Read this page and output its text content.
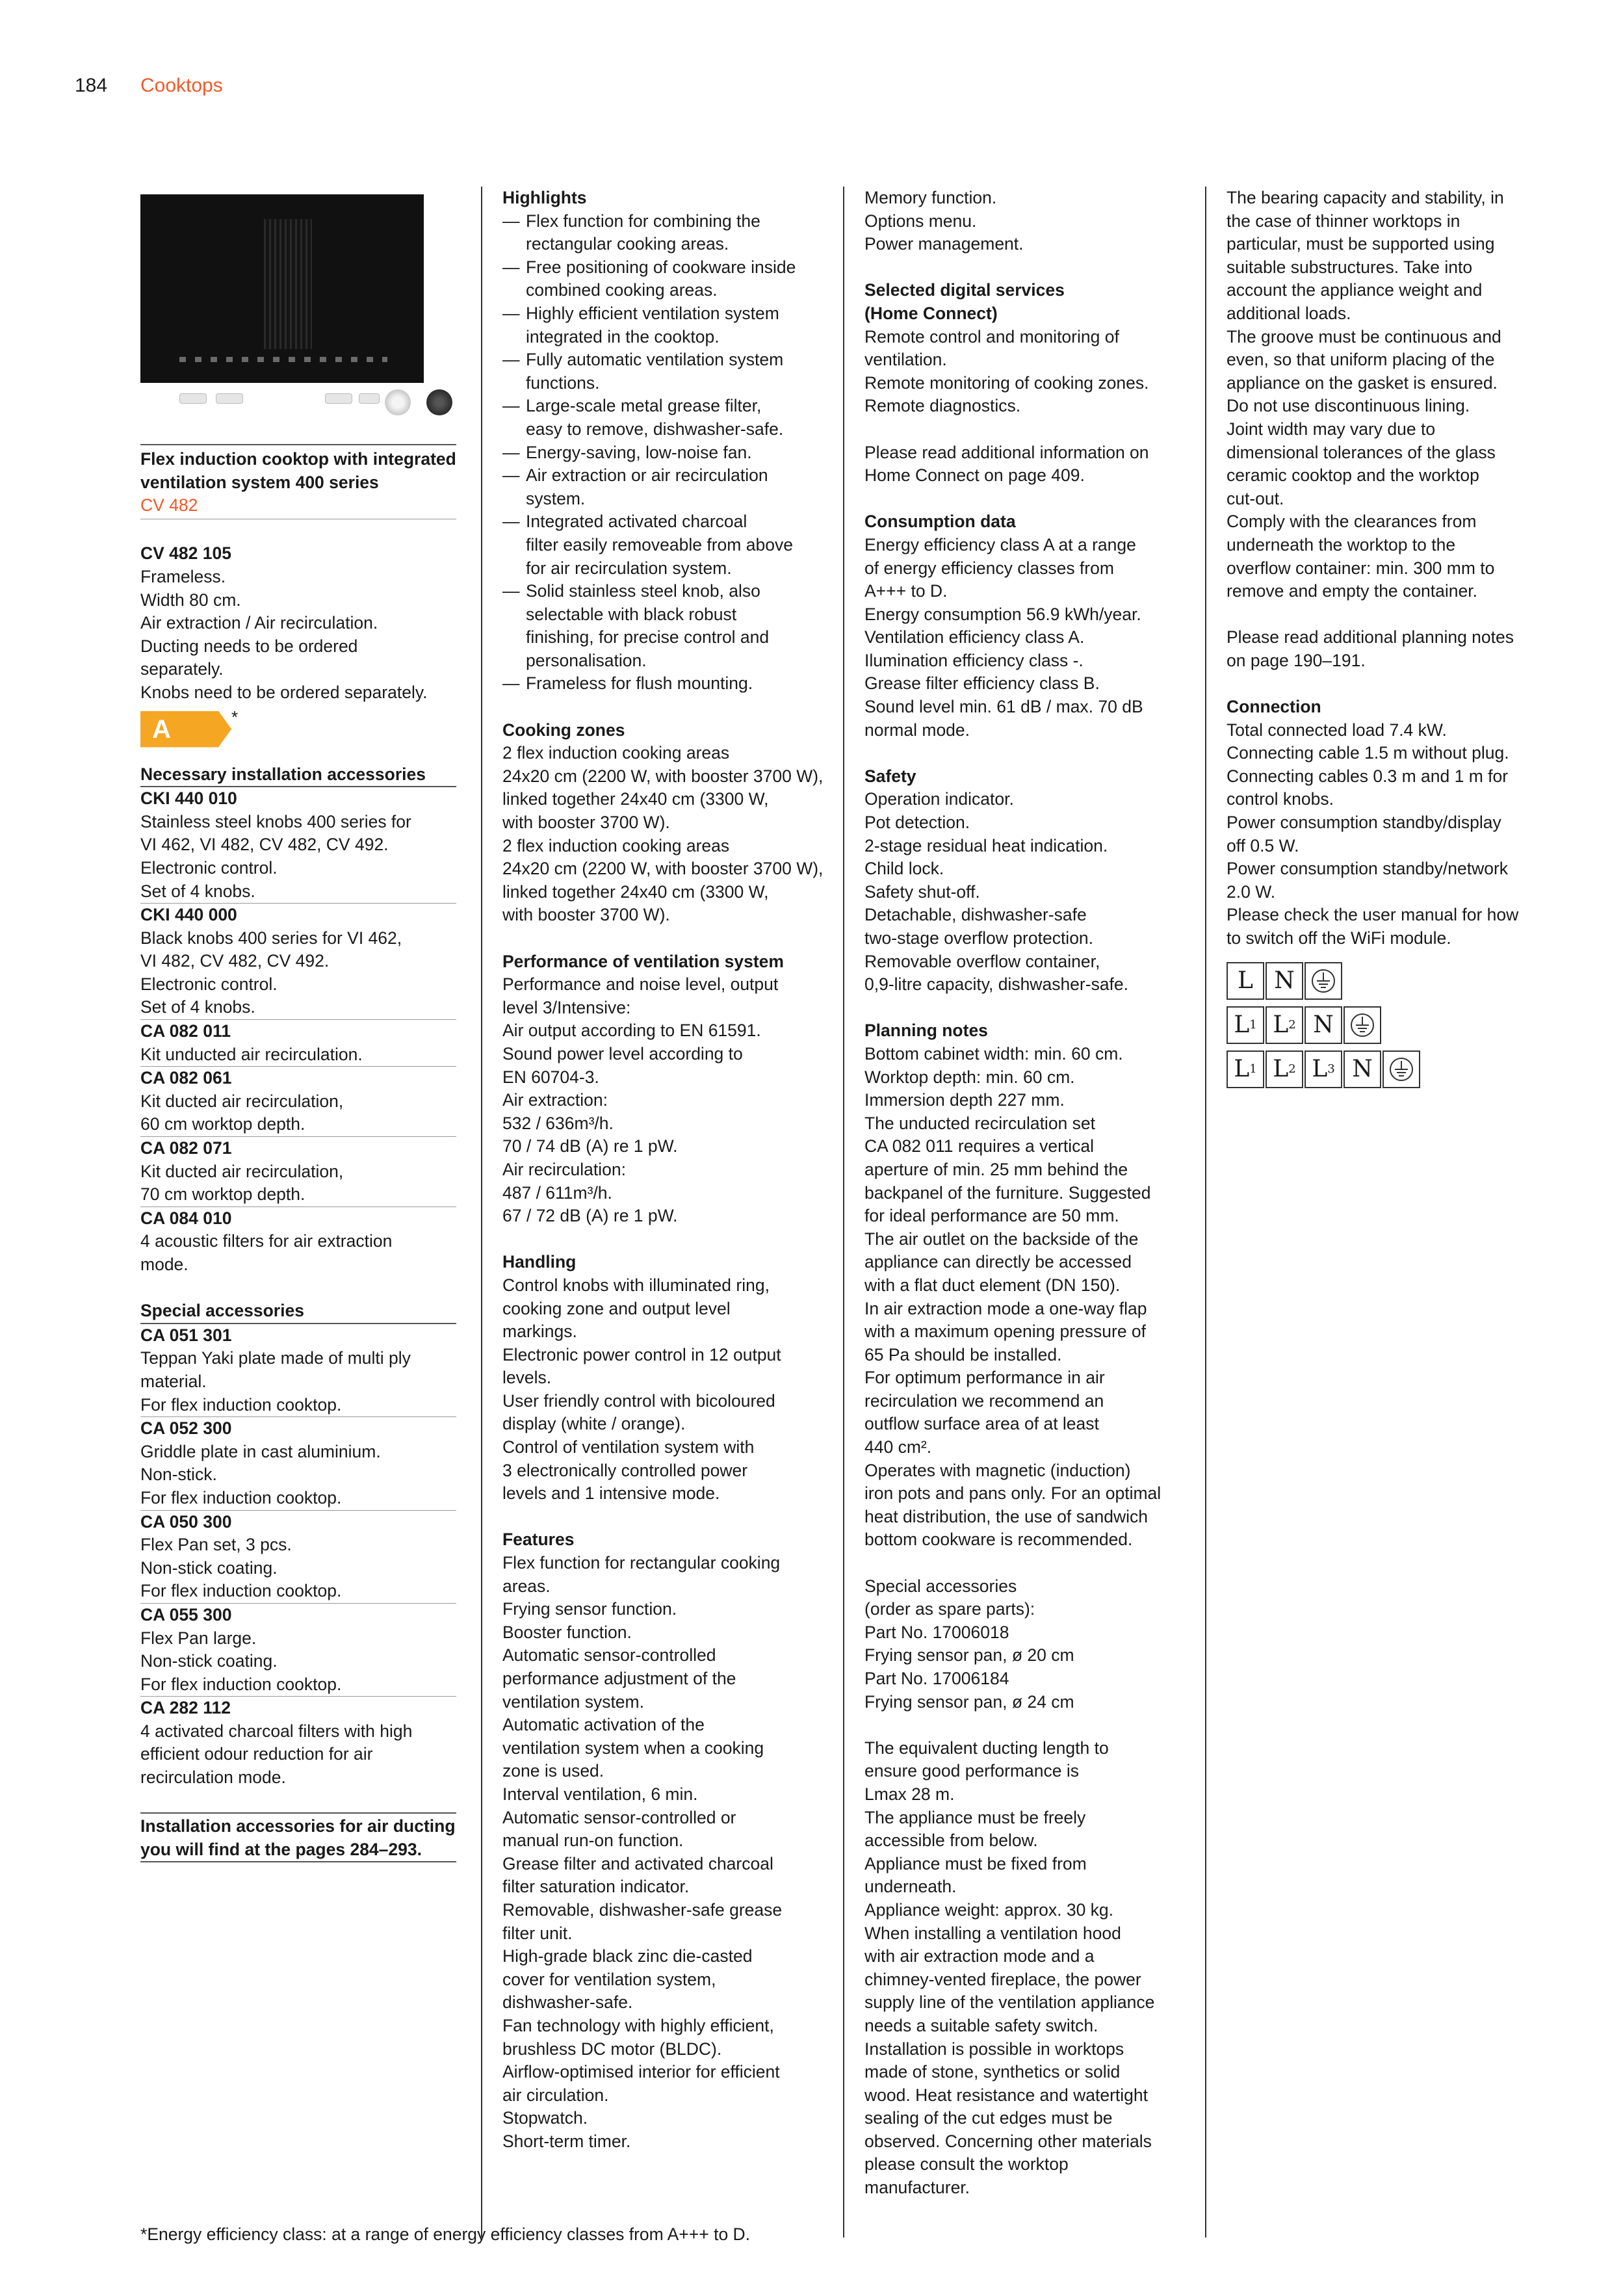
184 Cooktops
Flex induction cooktop with integrated
ventilation system 400 series
CV 482
CV 482 105
Frameless.
Width 80 cm.
Air extraction / Air recirculation.
Ducting needs to be ordered
separately.
Knobs need to be ordered separately.
A	*
Necessary installation accessories
CKI 440 010
Stainless steel knobs 400 series for
VI 462, VI 482, CV 482, CV 492.
Electronic control.
Set of 4 knobs.
CKI 440 000
Black knobs 400 series for VI 462,
VI 482, CV 482, CV 492.
Electronic control.
Set of 4 knobs.
CA 082 011
Kit unducted air recirculation.
CA 082 061
Kit ducted air recirculation,
60 cm worktop depth.
CA 082 071
Kit ducted air recirculation,
70 cm worktop depth.
CA 084 010
4 acoustic filters for air extraction
mode.
Special accessories
CA 051 301
Teppan Yaki plate made of multi ply
material.
For flex induction cooktop.
CA 052 300
Griddle plate in cast aluminium.
Non-stick.
For flex induction cooktop.
CA 050 300
Flex Pan set, 3 pcs.
Non-stick coating.
For flex induction cooktop.
CA 055 300
Flex Pan large.
Non-stick coating.
For flex induction cooktop.
CA 282 112
4 activated charcoal filters with high
efficient odour reduction for air
recirculation mode.
Installation accessories for air ducting
you will find at the pages 284–293.
Highlights
— Flex function for combining the
rectangular cooking areas.
— Free positioning of cookware inside
combined cooking areas.
— Highly efficient ventilation system
integrated in the cooktop.
— Fully automatic ventilation system
functions.
— Large-scale metal grease filter,
easy to remove, dishwasher-safe.
— Energy-saving, low-noise fan.
— Air extraction or air recirculation
system.
— Integrated activated charcoal
filter easily removeable from above
for air recirculation system.
— Solid stainless steel knob, also
selectable with black robust
finishing, for precise control and
personalisation.
— Frameless for flush mounting.
Cooking zones
2 flex induction cooking areas
24x20 cm (2200 W, with booster 3700 W),
linked together 24x40 cm (3300 W,
with booster 3700 W).
2 flex induction cooking areas
24x20 cm (2200 W, with booster 3700 W),
linked together 24x40 cm (3300 W,
with booster 3700 W).
Performance of ventilation system
Performance and noise level, output
level 3/Intensive:
Air output according to EN 61591.
Sound power level according to
EN 60704-3.
Air extraction:
532 / 636m³/h.
70 / 74 dB (A) re 1 pW.
Air recirculation:
487 / 611m³/h.
67 / 72 dB (A) re 1 pW.
Handling
Control knobs with illuminated ring,
cooking zone and output level
markings.
Electronic power control in 12 output
levels.
User friendly control with bicoloured
display (white / orange).
Control of ventilation system with
3 electronically controlled power
levels and 1 intensive mode.
Features
Flex function for rectangular cooking
areas.
Frying sensor function.
Booster function.
Automatic sensor-controlled
performance adjustment of the
ventilation system.
Automatic activation of the
ventilation system when a cooking
zone is used.
Interval ventilation, 6 min.
Automatic sensor-controlled or
manual run-on function.
Grease filter and activated charcoal
filter saturation indicator.
Removable, dishwasher-safe grease
filter unit.
High-grade black zinc die-casted
cover for ventilation system,
dishwasher-safe.
Fan technology with highly efficient,
brushless DC motor (BLDC).
Airflow-optimised interior for efficient
air circulation.
Stopwatch.
Short-term timer.
Memory function.
Options menu.
Power management.
Selected digital services
(Home Connect)
Remote control and monitoring of
ventilation.
Remote monitoring of cooking zones.
Remote diagnostics.
Please read additional information on
Home Connect on page 409.
Consumption data
Energy efficiency class A at a range
of energy efficiency classes from
A+++ to D.
Energy consumption 56.9 kWh/year.
Ventilation efficiency class A.
Ilumination efficiency class -.
Grease filter efficiency class B.
Sound level min. 61 dB / max. 70 dB
normal mode.
Safety
Operation indicator.
Pot detection.
2-stage residual heat indication.
Child lock.
Safety shut-off.
Detachable, dishwasher-safe
two-stage overflow protection.
Removable overflow container,
0,9-litre capacity, dishwasher-safe.
Planning notes
Bottom cabinet width: min. 60 cm.
Worktop depth: min. 60 cm.
Immersion depth 227 mm.
The unducted recirculation set
CA 082 011 requires a vertical
aperture of min. 25 mm behind the
backpanel of the furniture. Suggested
for ideal performance are 50 mm.
The air outlet on the backside of the
appliance can directly be accessed
with a flat duct element (DN 150).
In air extraction mode a one-way flap
with a maximum opening pressure of
65 Pa should be installed.
For optimum performance in air
recirculation we recommend an
outflow surface area of at least
440 cm².
Operates with magnetic (induction)
iron pots and pans only. For an optimal
heat distribution, the use of sandwich
bottom cookware is recommended.
Special accessories
(order as spare parts):
Part No. 17006018
Frying sensor pan, ø 20 cm
Part No. 17006184
Frying sensor pan, ø 24 cm
The equivalent ducting length to
ensure good performance is
Lmax 28 m.
The appliance must be freely
accessible from below.
Appliance must be fixed from
underneath.
Appliance weight: approx. 30 kg.
When installing a ventilation hood
with air extraction mode and a
chimney-vented fireplace, the power
supply line of the ventilation appliance
needs a suitable safety switch.
Installation is possible in worktops
made of stone, synthetics or solid
wood. Heat resistance and watertight
sealing of the cut edges must be
observed. Concerning other materials
please consult the worktop
manufacturer.
The bearing capacity and stability, in
the case of thinner worktops in
particular, must be supported using
suitable substructures. Take into
account the appliance weight and
additional loads.
The groove must be continuous and
even, so that uniform placing of the
appliance on the gasket is ensured.
Do not use discontinuous lining.
Joint width may vary due to
dimensional tolerances of the glass
ceramic cooktop and the worktop
cut-out.
Comply with the clearances from
underneath the worktop to the
overflow container: min. 300 mm to
remove and empty the container.
Please read additional planning notes
on page 190–191.
Connection
Total connected load 7.4 kW.
Connecting cable 1.5 m without plug.
Connecting cables 0.3 m and 1 m for
control knobs.
Power consumption standby/display
off 0.5 W.
Power consumption standby/network
2.0 W.
Please check the user manual for how
to switch off the WiFi module.
L N
L 1 L 2 N
L 1 L 2 L 3 N
*Energy efficiency class: at a range of energy efficiency classes from A+++ to D.
